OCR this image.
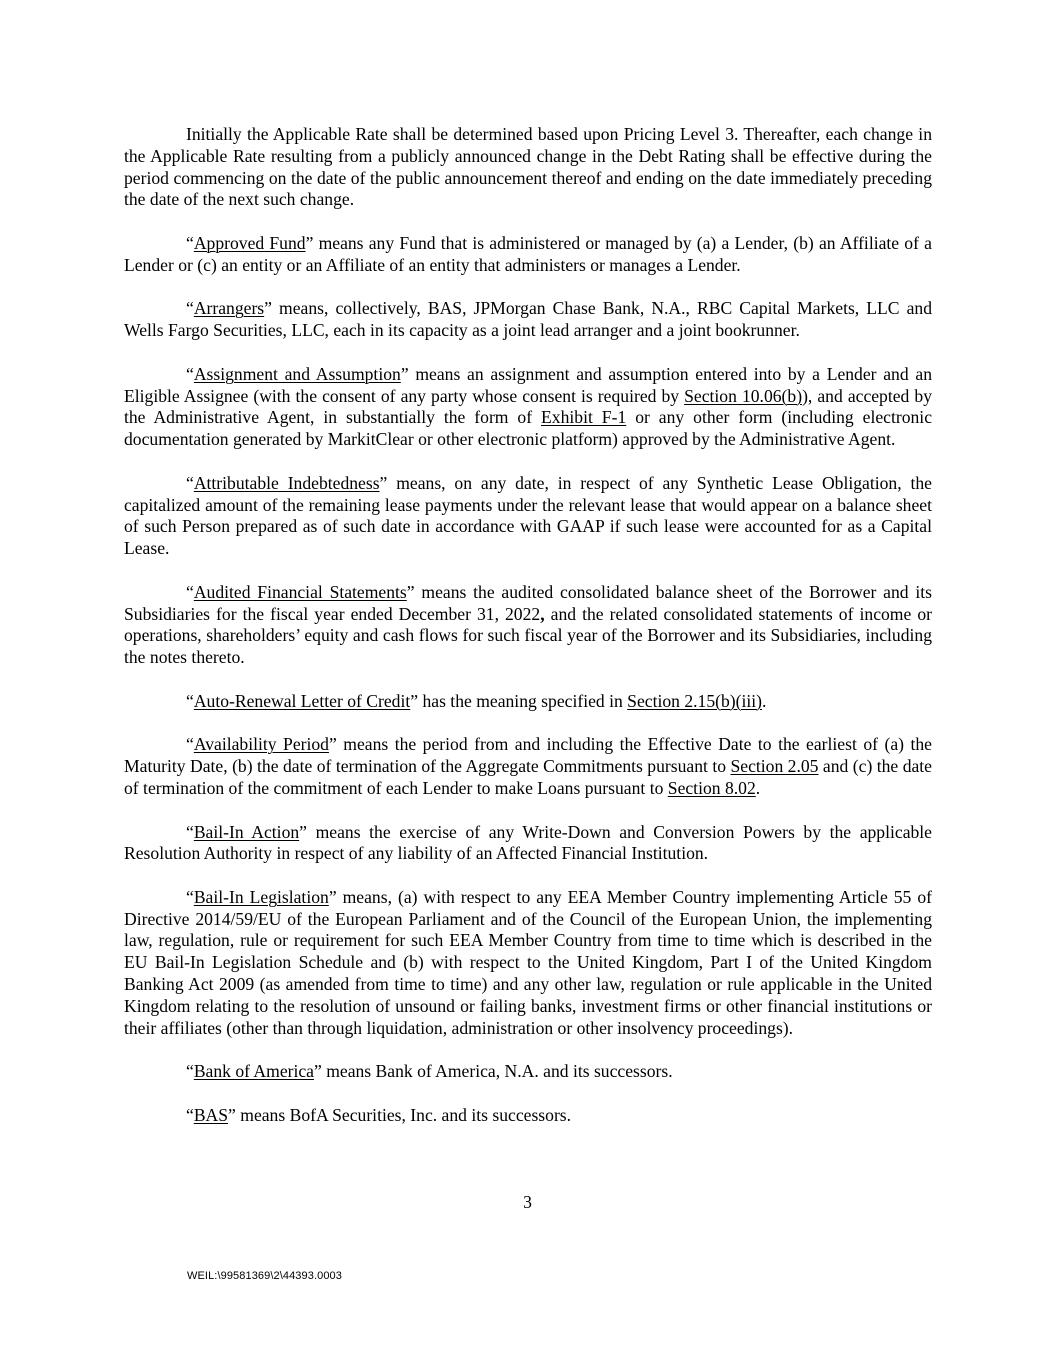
Initially the Applicable Rate shall be determined based upon Pricing Level 3. Thereafter, each change in the Applicable Rate resulting from a publicly announced change in the Debt Rating shall be effective during the period commencing on the date of the public announcement thereof and ending on the date immediately preceding the date of the next such change.

“Approved Fund” means any Fund that is administered or managed by (a) a Lender, (b) an Affiliate of a Lender or (c) an entity or an Affiliate of an entity that administers or manages a Lender.

“Arrangers” means, collectively, BAS, JPMorgan Chase Bank, N.A., RBC Capital Markets, LLC and Wells Fargo Securities, LLC, each in its capacity as a joint lead arranger and a joint bookrunner.

“Assignment and Assumption” means an assignment and assumption entered into by a Lender and an Eligible Assignee (with the consent of any party whose consent is required by Section 10.06(b)), and accepted by the Administrative Agent, in substantially the form of Exhibit F-1 or any other form (including electronic documentation generated by MarkitClear or other electronic platform) approved by the Administrative Agent.

“Attributable Indebtedness” means, on any date, in respect of any Synthetic Lease Obligation, the capitalized amount of the remaining lease payments under the relevant lease that would appear on a balance sheet of such Person prepared as of such date in accordance with GAAP if such lease were accounted for as a Capital Lease.

“Audited Financial Statements” means the audited consolidated balance sheet of the Borrower and its Subsidiaries for the fiscal year ended December 31, 2022, and the related consolidated statements of income or operations, shareholders’ equity and cash flows for such fiscal year of the Borrower and its Subsidiaries, including the notes thereto.

“Auto-Renewal Letter of Credit” has the meaning specified in Section 2.15(b)(iii).

“Availability Period” means the period from and including the Effective Date to the earliest of (a) the Maturity Date, (b) the date of termination of the Aggregate Commitments pursuant to Section 2.05 and (c) the date of termination of the commitment of each Lender to make Loans pursuant to Section 8.02.

“Bail-In Action” means the exercise of any Write-Down and Conversion Powers by the applicable Resolution Authority in respect of any liability of an Affected Financial Institution.

“Bail-In Legislation” means, (a) with respect to any EEA Member Country implementing Article 55 of Directive 2014/59/EU of the European Parliament and of the Council of the European Union, the implementing law, regulation, rule or requirement for such EEA Member Country from time to time which is described in the EU Bail-In Legislation Schedule and (b) with respect to the United Kingdom, Part I of the United Kingdom Banking Act 2009 (as amended from time to time) and any other law, regulation or rule applicable in the United Kingdom relating to the resolution of unsound or failing banks, investment firms or other financial institutions or their affiliates (other than through liquidation, administration or other insolvency proceedings).

“Bank of America” means Bank of America, N.A. and its successors.

“BAS” means BofA Securities, Inc. and its successors.

3
WEIL:\99581369\2\44393.0003
